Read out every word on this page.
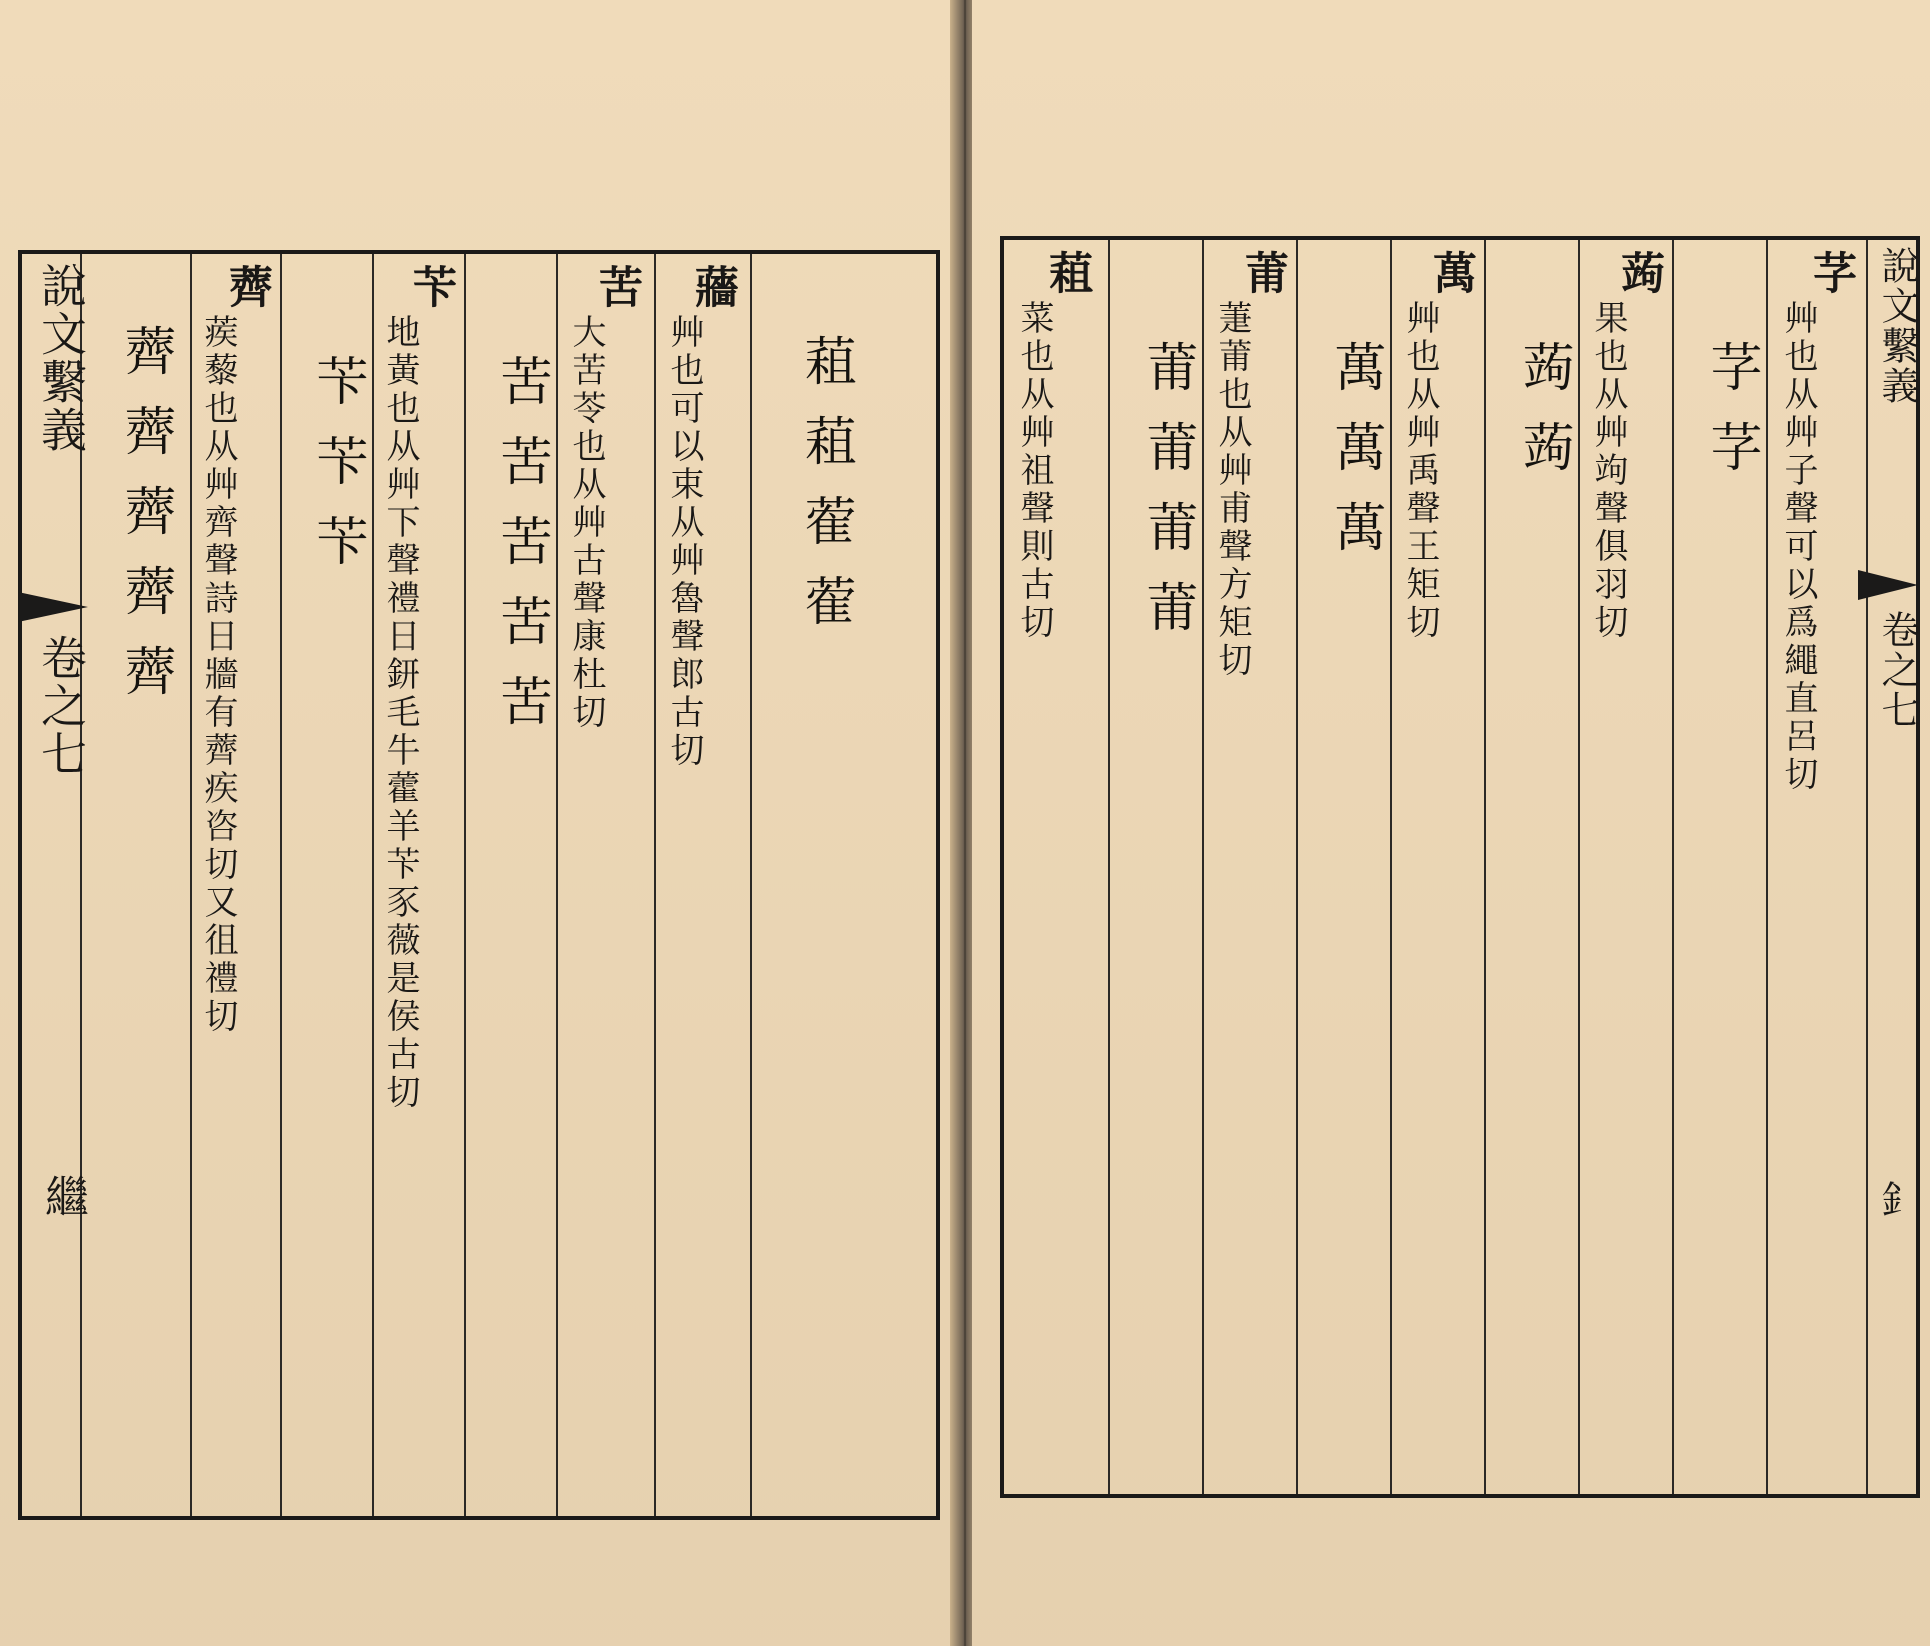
說文繫義
卷之七
繼
薺薺薺薺薺
薺
蒺藜也从艸齊聲詩日牆有薺疾咨切又徂禮切 苄苄苄
苄
地黃也从艸下聲禮日鈃毛牛藿羊苄豕薇是侯古切 苦苦苦苦苦
苦
大苦苓也从艸古聲康杜切
蘠
艸也可以束从艸魯聲郎古切 蒩蒩蒮蒮
蒩
菜也从艸祖聲則古切 莆莆莆莆
莆
萐莆也从艸甫聲方矩切 萬萬萬
萬
艸也从艸禹聲王矩切 蒟蒟
蒟
果也从艸竘聲俱羽切 芓芓
芓
艸也从艸子聲可以爲繩直呂切 說文繫義
卷之七
釒
